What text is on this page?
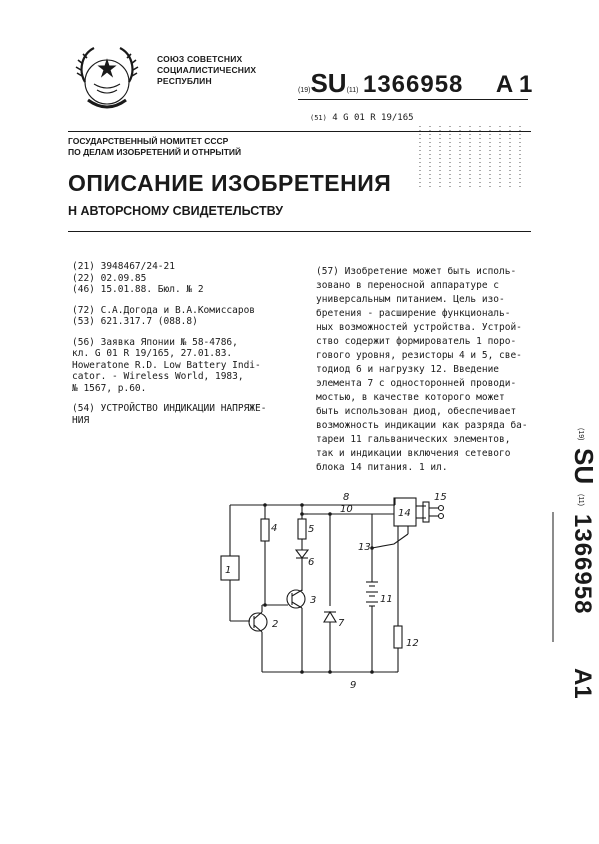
СОЮЗ СОВЕТСНИХ
СОЦИАЛИСТИЧЕСНИХ
РЕСПУБЛИН
(19)SU(11) 1366958 A 1
(51) 4 G 01 R 19/165
ГОСУДАРСТВЕННЫЙ НОМИТЕТ СССР
ПО ДЕЛАМ ИЗОБРЕТЕНИЙ И ОТНРЫТИЙ
ОПИСАНИЕ ИЗОБРЕТЕНИЯ
Н АВТОРСНОМУ СВИДЕТЕЛЬСТВУ
(21) 3948467/24-21
(22) 02.09.85
(46) 15.01.88. Бюл. № 2
(72) С.А.Догода и В.А.Комиссаров
(53) 621.317.7 (088.8)
(56) Заявка Японии № 58-4786,
кл. G 01 R 19/165, 27.01.83.
Howeratone R.D. Low Battery Indi-
cator. - Wireless World, 1983,
№ 1567, p.60.
(54) УСТРОЙСТВО ИНДИКАЦИИ НАПРЯЖЕ-
НИЯ
(57) Изобретение может быть исполь-
зовано в переносной аппаратуре с
универсальным питанием. Цель изо-
бретения - расширение функциональ-
ных возможностей устройства. Устрой-
ство содержит формирователь 1 порo-
гового уровня, резисторы 4 и 5, све-
тодиод 6 и нагрузку 12. Введение
элемента 7 с односторонней проводи-
мостью, в качестве которого может
быть использован диод, обеспечивает
возможность индикации как разряда ба-
тареи 11 гальванических элементов,
так и индикации включения сетевого
блока 14 питания. 1 ил.
(19)
SU
(11)
1366958
A1
1
2
3
4	5
6
7
8
9
10
11
12
13
14
15
